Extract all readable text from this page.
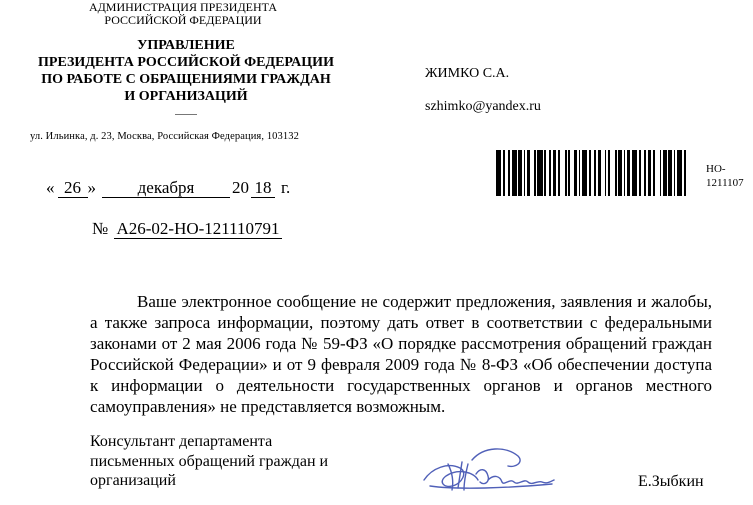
АДМИНИСТРАЦИЯ ПРЕЗИДЕНТА
РОССИЙСКОЙ ФЕДЕРАЦИИ
УПРАВЛЕНИЕ
ПРЕЗИДЕНТА РОССИЙСКОЙ ФЕДЕРАЦИИ
ПО РАБОТЕ С ОБРАЩЕНИЯМИ ГРАЖДАН
И ОРГАНИЗАЦИЙ
ул. Ильинка, д. 23, Москва, Российская Федерация, 103132
ЖИМКО С.А.
szhimko@yandex.ru
НО-
1211107
« 26 »	декабря	20 18 г.
№ А26-02-НО-121110791
Ваше электронное сообщение не содержит предложения, заявления и жалобы, а также запроса информации, поэтому дать ответ в соответствии с федеральными законами от 2 мая 2006 года № 59-ФЗ «О порядке рассмотрения обращений граждан Российской Федерации» и от 9 февраля 2009 года № 8-ФЗ «Об обеспечении доступа к информации о деятельности государственных органов и органов местного самоуправления» не представляется возможным.
Консультант департамента
письменных обращений граждан и
организаций	Е.Зыбкин
